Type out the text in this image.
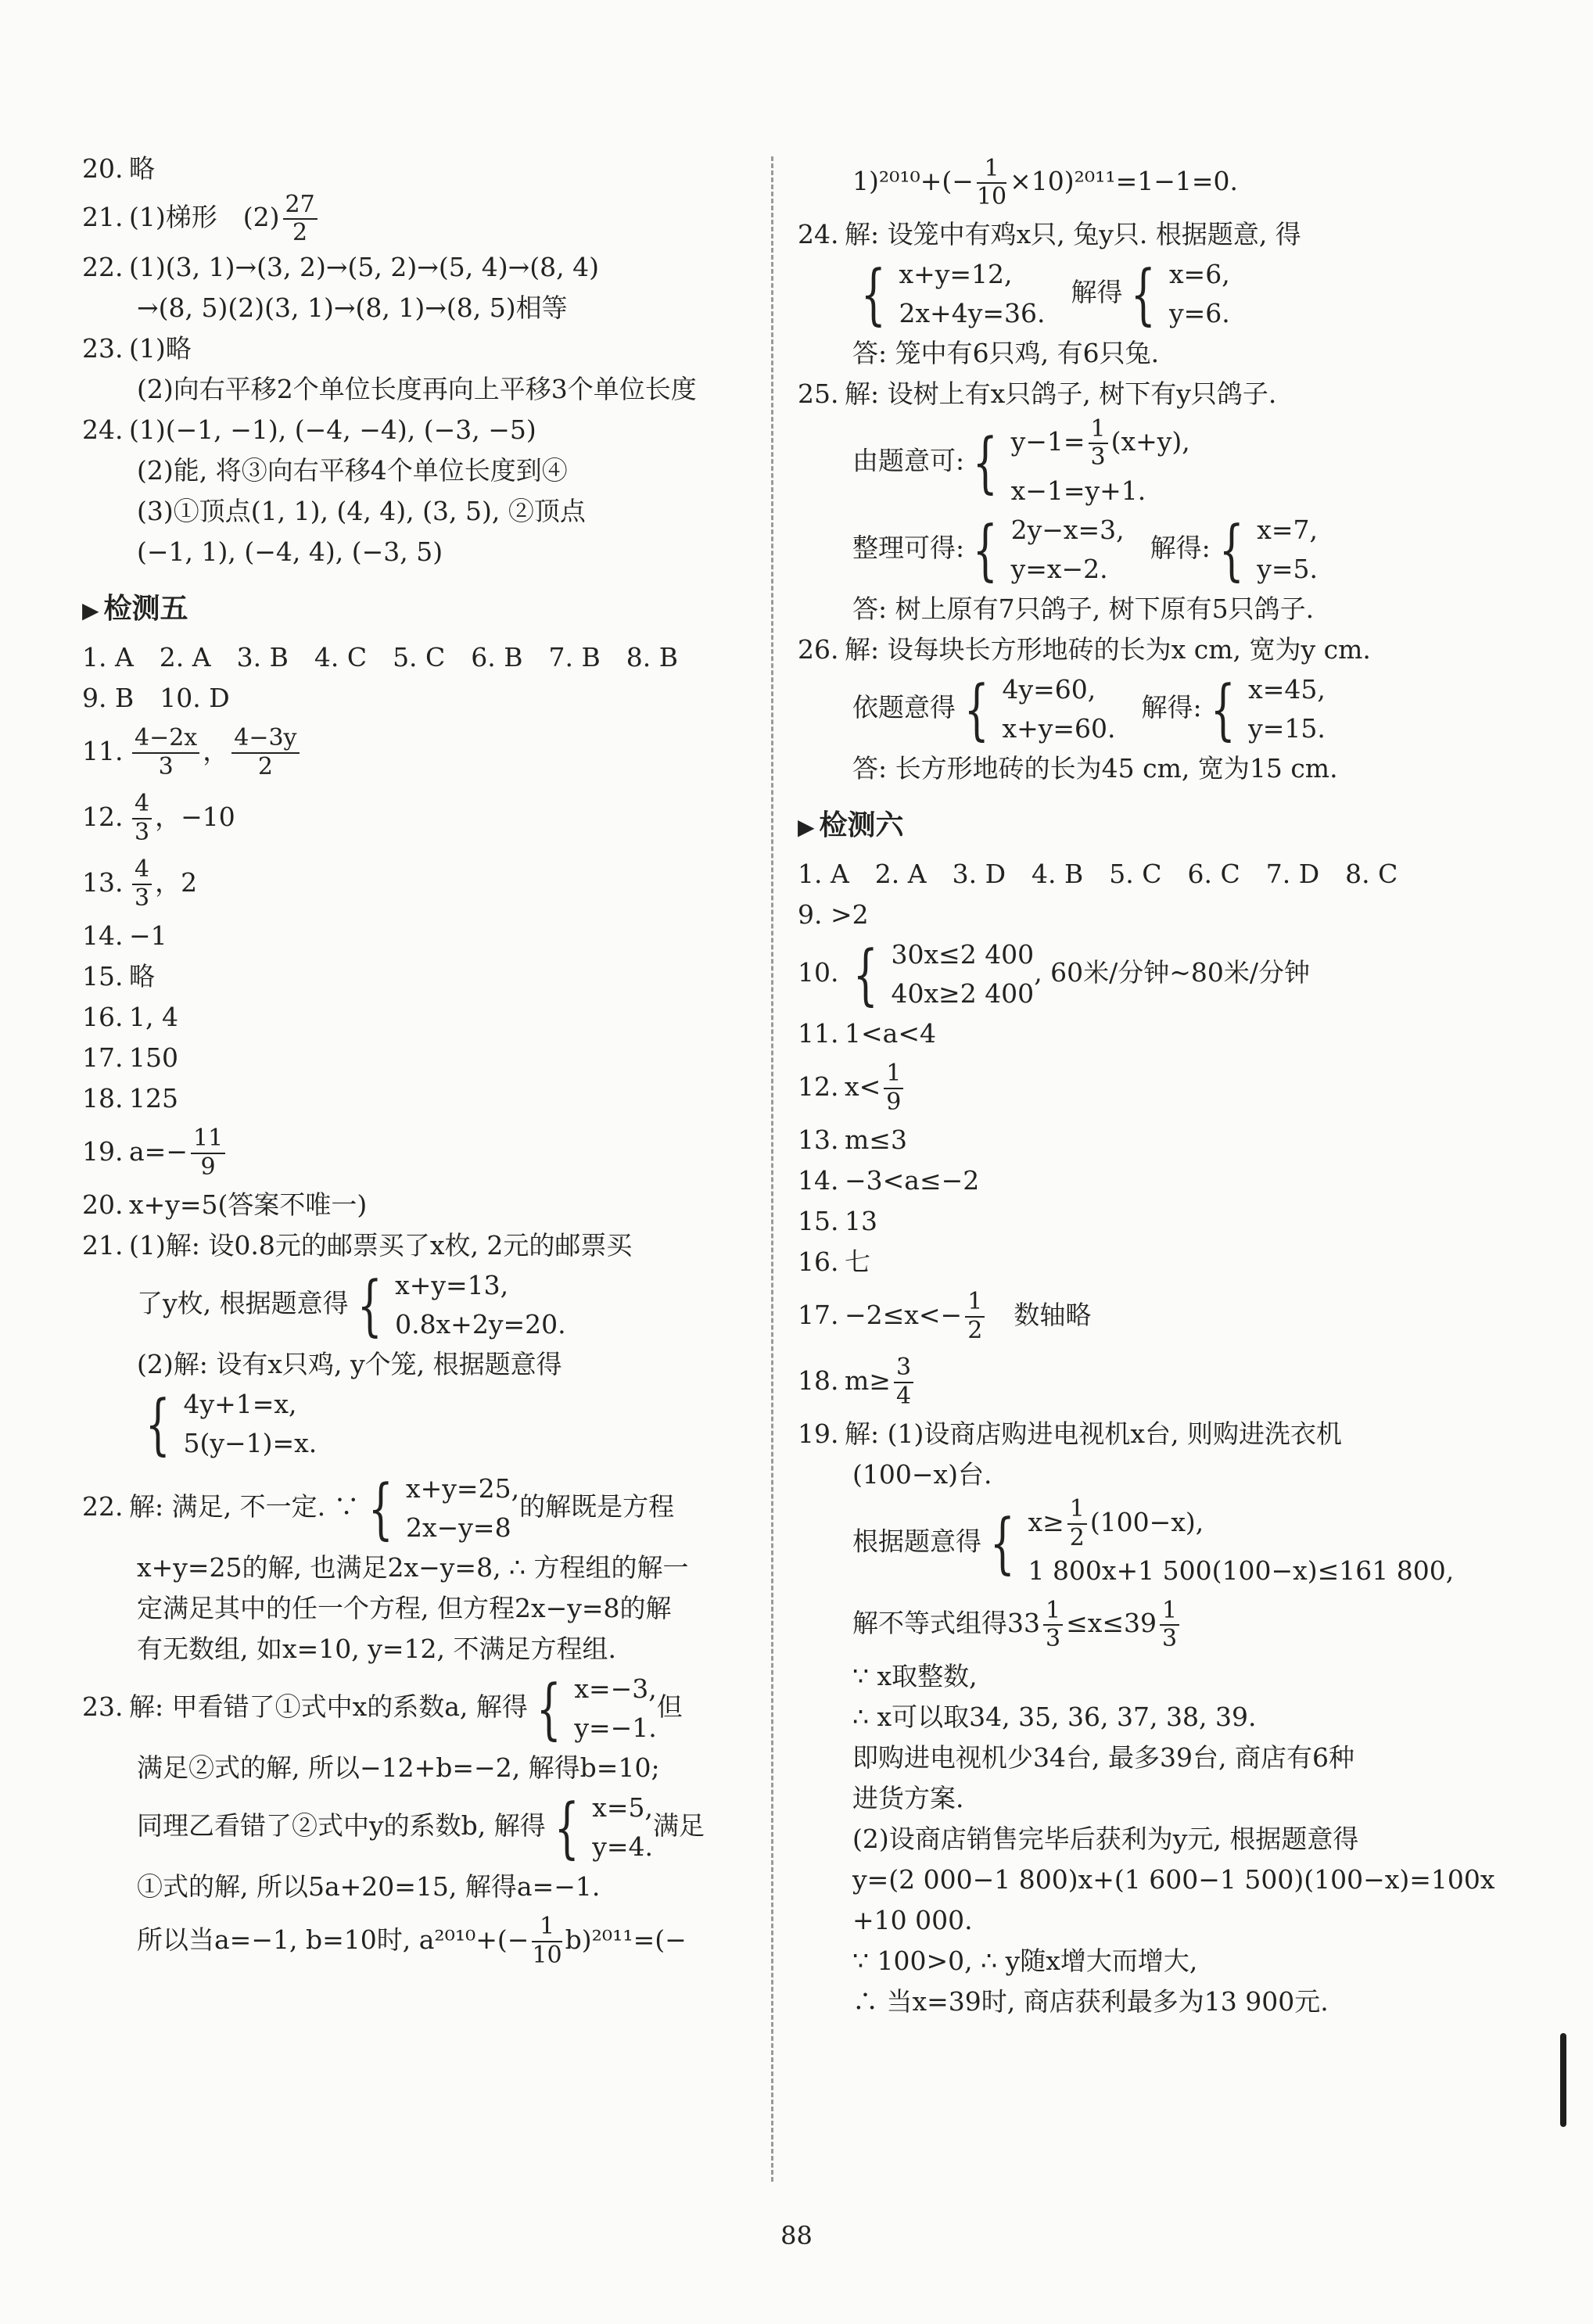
20. 略
21. (1)梯形　$(2) \frac{27}{2}$
22. (1)(3, 1)→(3, 2)→(5, 2)→(5, 4)→(8, 4)
→(8, 5)(2)(3, 1)→(8, 1)→(8, 5)相等
23. (1)略
(2)向右平移2个单位长度再向上平移3个单位长度
24. (1)(−1, −1), (−4, −4), (−3, −5)
(2)能, 将③向右平移4个单位长度到④
(3)①顶点(1, 1), (4, 4), (3, 5), ②顶点
(−1, 1), (−4, 4), (−3, 5)
▶ 检测五
1. A　2. A　3. B　4. C　5. C　6. B　7. B　8. B
9. B　10. D
11. $\frac{4-2x}{3}$ ， $\frac{4-3y}{2}$
12. $\frac{4}{3}$ ，−10
13. $\frac{4}{3}$ ，2
14. −1
15. 略
16. 1, 4
17. 150
18. 125
19. $a=- \frac{11}{9}$
20. x+y=5(答案不唯一)
21. (1)解: 设0.8元的邮票买了x枚, 2元的邮票买
了y枚, 根据题意得 { x+y=13,
0.8x+2y=20.
(2)解: 设有x只鸡, y个笼, 根据题意得
{ 4y+1=x,
5(y−1)=x.
22. 解: 满足, 不一定. ∵ { x+y=25,
2x−y=8
的解既是方程
x+y=25的解, 也满足2x−y=8, ∴ 方程组的解一
定满足其中的任一个方程, 但方程2x−y=8的解
有无数组, 如x=10, y=12, 不满足方程组.
23. 解: 甲看错了①式中x的系数a, 解得 { x=−3,
y=−1.
但
满足②式的解, 所以−12+b=−2, 解得b=10;
同理乙看错了②式中y的系数b, 解得 { x=5,
y=4.
满足
①式的解, 所以5a+20=15, 解得a=−1.
所以当a=−1, b=10时, $a^{2010}+(- \frac{1}{10} b)^{2011}=(-$
$1)^{2010}+(- \frac{1}{10} \times 10)^{2011}=1-1=0$.
24. 解: 设笼中有鸡x只, 兔y只. 根据题意, 得
{ x+y=12,
2x+4y=36.
　解得 { x=6,
y=6.
答: 笼中有6只鸡, 有6只兔.
25. 解: 设树上有x只鸽子, 树下有y只鸽子.
由题意可: { $y-1= \frac{1}{3} (x+y)$,
x−1=y+1.
整理可得: { 2y−x=3,
y=x−2.
　解得: { x=7,
y=5.
答: 树上原有7只鸽子, 树下原有5只鸽子.
26. 解: 设每块长方形地砖的长为x cm, 宽为y cm.
依题意得 { 4y=60,
x+y=60.
　解得: { x=45,
y=15.
答: 长方形地砖的长为45 cm, 宽为15 cm.
▶ 检测六
1. A　2. A　3. D　4. B　5. C　6. C　7. D　8. C
9. >2
10. { 30x≤2 400
40x≥2 400
, 60米/分钟~80米/分钟
11. 1<a<4
12. $x< \frac{1}{9}$
13. m≤3
14. −3<a≤−2
15. 13
16. 七
17. $-2\le x<- \frac{1}{2}$ 　数轴略
18. $m\ge \frac{3}{4}$
19. 解: (1)设商店购进电视机x台, 则购进洗衣机
(100−x)台.
根据题意得 { $x\ge \frac{1}{2} (100-x)$,
1 800x+1 500(100−x)≤161 800,
解不等式组得$33 \frac{1}{3} \le x\le 39 \frac{1}{3}$
∵ x取整数,
∴ x可以取34, 35, 36, 37, 38, 39.
即购进电视机少34台, 最多39台, 商店有6种
进货方案.
(2)设商店销售完毕后获利为y元, 根据题意得
y=(2 000−1 800)x+(1 600−1 500)(100−x)=100x
+10 000.
∵ 100>0, ∴ y随x增大而增大,
∴ 当x=39时, 商店获利最多为13 900元.
88
